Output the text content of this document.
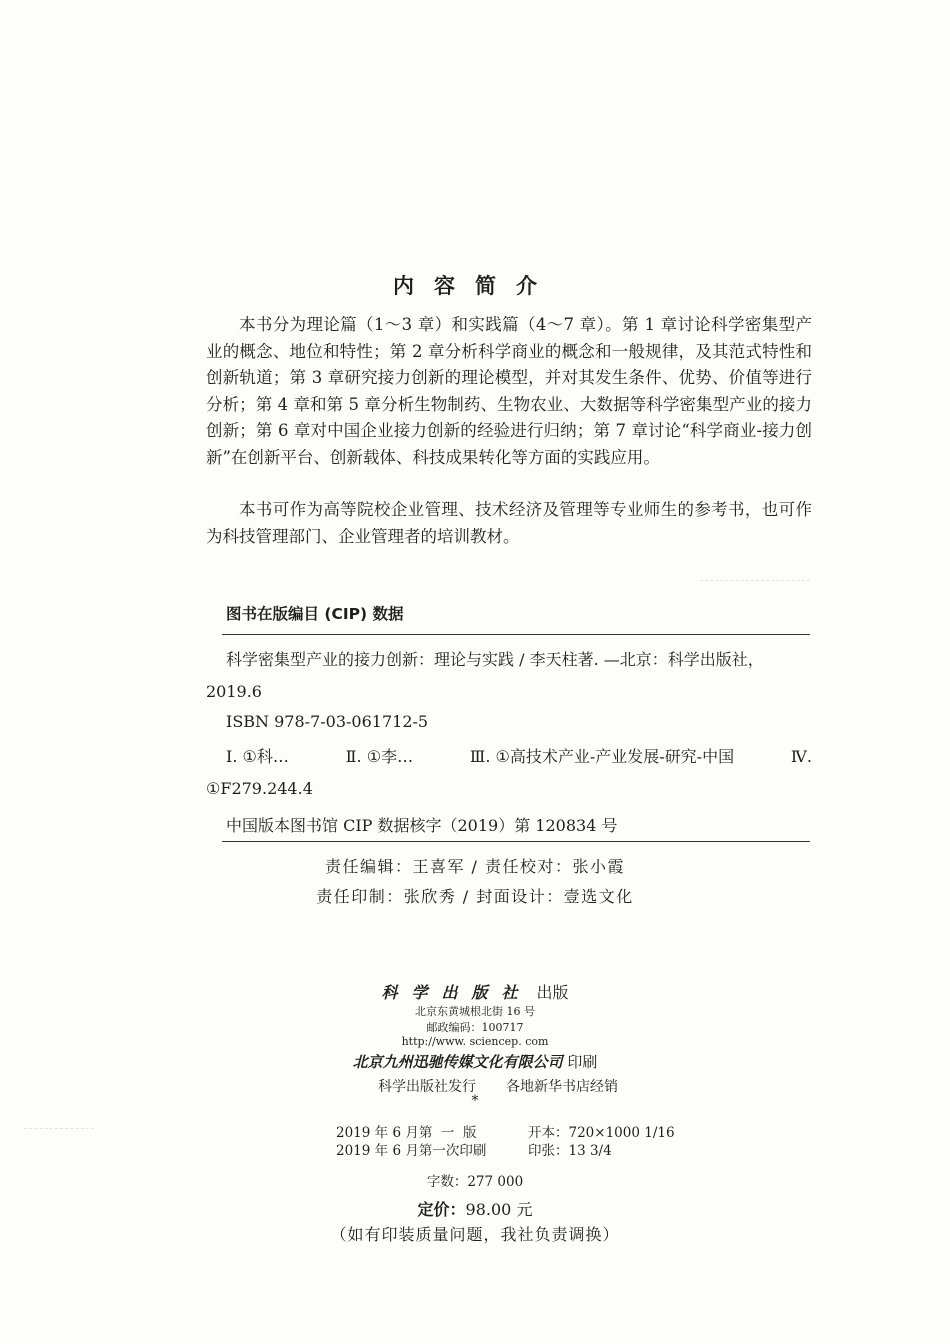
内容简介
本书分为理论篇（1～3 章）和实践篇（4～7 章）。第 1 章讨论科学密集型产业的概念、地位和特性；第 2 章分析科学商业的概念和一般规律，及其范式特性和创新轨道；第 3 章研究接力创新的理论模型，并对其发生条件、优势、价值等进行分析；第 4 章和第 5 章分析生物制药、生物农业、大数据等科学密集型产业的接力创新；第 6 章对中国企业接力创新的经验进行归纳；第 7 章讨论“科学商业-接力创新”在创新平台、创新载体、科技成果转化等方面的实践应用。
本书可作为高等院校企业管理、技术经济及管理等专业师生的参考书，也可作为科技管理部门、企业管理者的培训教材。
图书在版编目 (CIP) 数据
科学密集型产业的接力创新：理论与实践 / 李天柱著. —北京：科学出版社，
2019.6
ISBN 978-7-03-061712-5
Ⅰ. ①科…	Ⅱ. ①李…	Ⅲ. ①高技术产业-产业发展-研究-中国	Ⅳ.
①F279.244.4
中国版本图书馆 CIP 数据核字（2019）第 120834 号
责任编辑：王喜军 / 责任校对：张小霞
责任印制：张欣秀 / 封面设计：壹选文化
科学出版社 出版
北京东黄城根北街 16 号
邮政编码：100717
http://www. sciencep. com
北京九州迅驰传媒文化有限公司 印刷
科学出版社发行 各地新华书店经销
*
2019 年 6 月第  一  版
2019 年 6 月第一次印刷
开本：720×1000 1/16
印张：13 3/4
字数：277 000
定价：98.00 元
（如有印装质量问题，我社负责调换）
